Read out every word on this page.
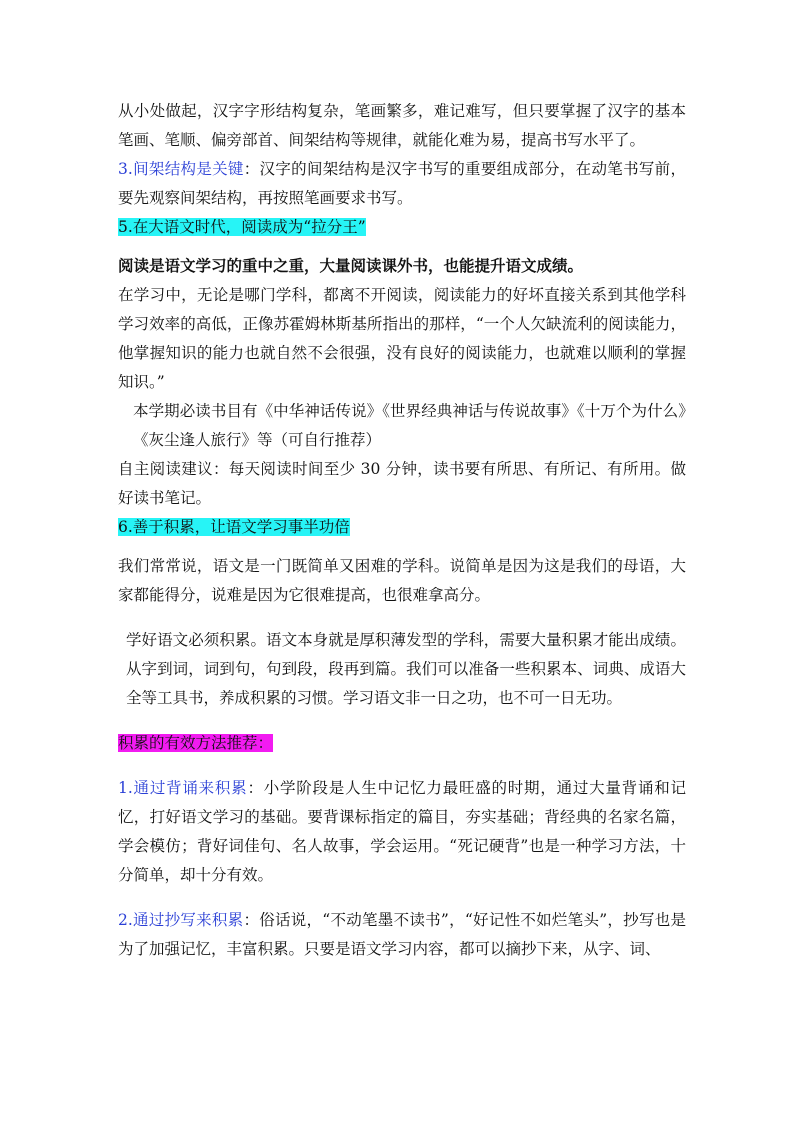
从小处做起，汉字字形结构复杂，笔画繁多，难记难写，但只要掌握了汉字的基本笔画、笔顺、偏旁部首、间架结构等规律，就能化难为易，提高书写水平了。

3.间架结构是关键：汉字的间架结构是汉字书写的重要组成部分，在动笔书写前，要先观察间架结构，再按照笔画要求书写。

5.在大语文时代，阅读成为“拉分王”

阅读是语文学习的重中之重，大量阅读课外书，也能提升语文成绩。

在学习中，无论是哪门学科，都离不开阅读，阅读能力的好坏直接关系到其他学科学习效率的高低，正像苏霍姆林斯基所指出的那样，“一个人欠缺流利的阅读能力，他掌握知识的能力也就自然不会很强，没有良好的阅读能力，也就难以顺利的掌握知识。”

本学期必读书目有《中华神话传说》《世界经典神话与传说故事》《十万个为什么》《灰尘逢人旅行》等（可自行推荐）

自主阅读建议：每天阅读时间至少 30 分钟，读书要有所思、有所记、有所用。做好读书笔记。

6.善于积累，让语文学习事半功倍

我们常常说，语文是一门既简单又困难的学科。说简单是因为这是我们的母语，大家都能得分，说难是因为它很难提高，也很难拿高分。

学好语文必须积累。语文本身就是厚积薄发型的学科，需要大量积累才能出成绩。从字到词，词到句，句到段，段再到篇。我们可以准备一些积累本、词典、成语大全等工具书，养成积累的习惯。学习语文非一日之功，也不可一日无功。

积累的有效方法推荐：

1.通过背诵来积累：小学阶段是人生中记忆力最旺盛的时期，通过大量背诵和记忆，打好语文学习的基础。要背课标指定的篇目，夯实基础；背经典的名家名篇，学会模仿；背好词佳句、名人故事，学会运用。“死记硬背”也是一种学习方法，十分简单，却十分有效。

2.通过抄写来积累：俗话说，“不动笔墨不读书”，“好记性不如烂笔头”，抄写也是为了加强记忆，丰富积累。只要是语文学习内容，都可以摘抄下来，从字、词、
